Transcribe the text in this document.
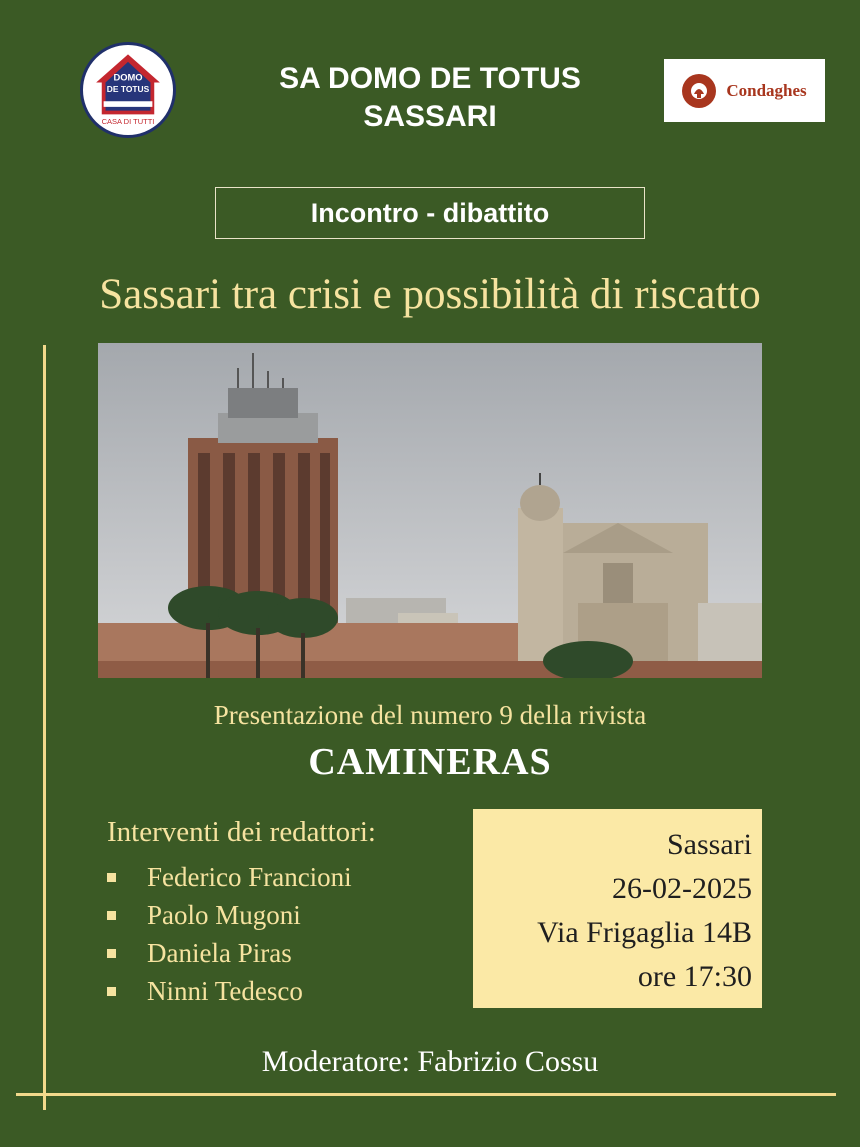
DOMO
DE TOTUS
CASA DI TUTTI
SA DOMO DE TOTUS
SASSARI
Condaghes
Incontro - dibattito
Sassari tra crisi e possibilità di riscatto
Presentazione del numero 9 della rivista
CAMINERAS
Interventi dei redattori:
Federico Francioni
Paolo Mugoni
Daniela Piras
Ninni Tedesco
Sassari
26-02-2025
Via Frigaglia 14B
ore 17:30
Moderatore: Fabrizio Cossu
